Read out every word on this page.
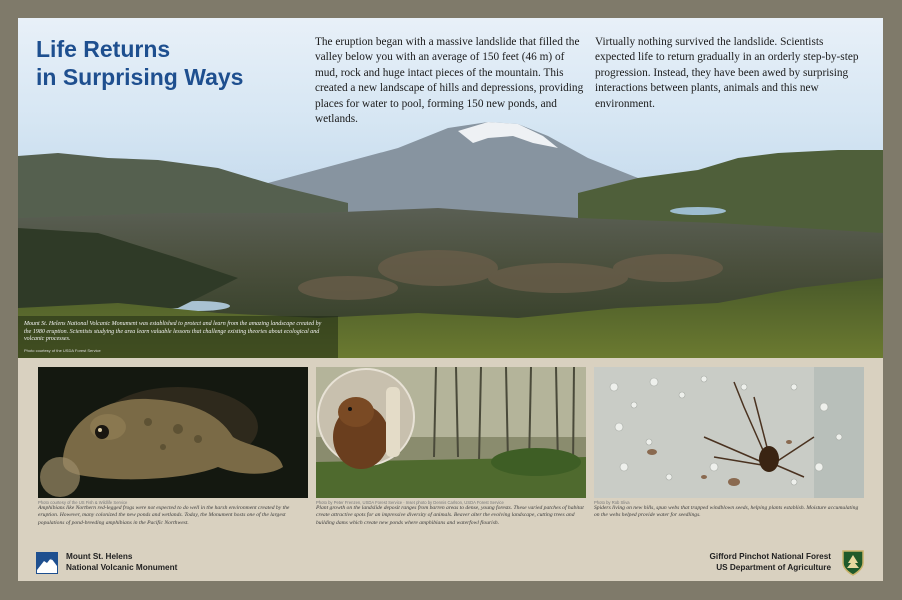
Life Returns
in Surprising Ways

The eruption began with a massive landslide that filled the valley below you with an average of 150 feet (46 m) of mud, rock and huge intact pieces of the mountain. This created a new landscape of hills and depressions, providing places for water to pool, forming 150 new ponds, and wetlands.

Virtually nothing survived the landslide. Scientists expected life to return gradually in an orderly step-by-step progression. Instead, they have been awed by surprising interactions between plants, animals and this new environment.

Mount St. Helens National Volcanic Monument was established to protect and learn from the amazing landscape created by the 1980 eruption. Scientists studying the area learn valuable lessons that challenge existing theories about ecological and volcanic processes.
Photo courtesy of the USDA Forest Service
Photo courtesy of the US Fish & Wildlife Service

Amphibians like Northern red-legged frogs were not expected to do well in the harsh environment created by the eruption. However, many colonized the new ponds and wetlands. Today, the Monument hosts one of the largest populations of pond-breeding amphibians in the Pacific Northwest.

Photo by Peter Frenzen, USDA Forest Service · Inset photo by Dennis Carlson, USDA Forest Service

Plant growth on the landslide deposit ranges from barren areas to dense, young forests. These varied patches of habitat create attractive spots for an impressive diversity of animals. Beaver alter the evolving landscape, cutting trees and building dams which create new ponds where amphibians and waterfowl flourish.

Photo by Rob Sliva

Spiders living on new hills, spun webs that trapped windblown seeds, helping plants establish. Moisture accumulating on the webs helped provide water for seedlings.

Mount St. Helens
National Volcanic Monument
Gifford Pinchot National Forest
US Department of Agriculture
